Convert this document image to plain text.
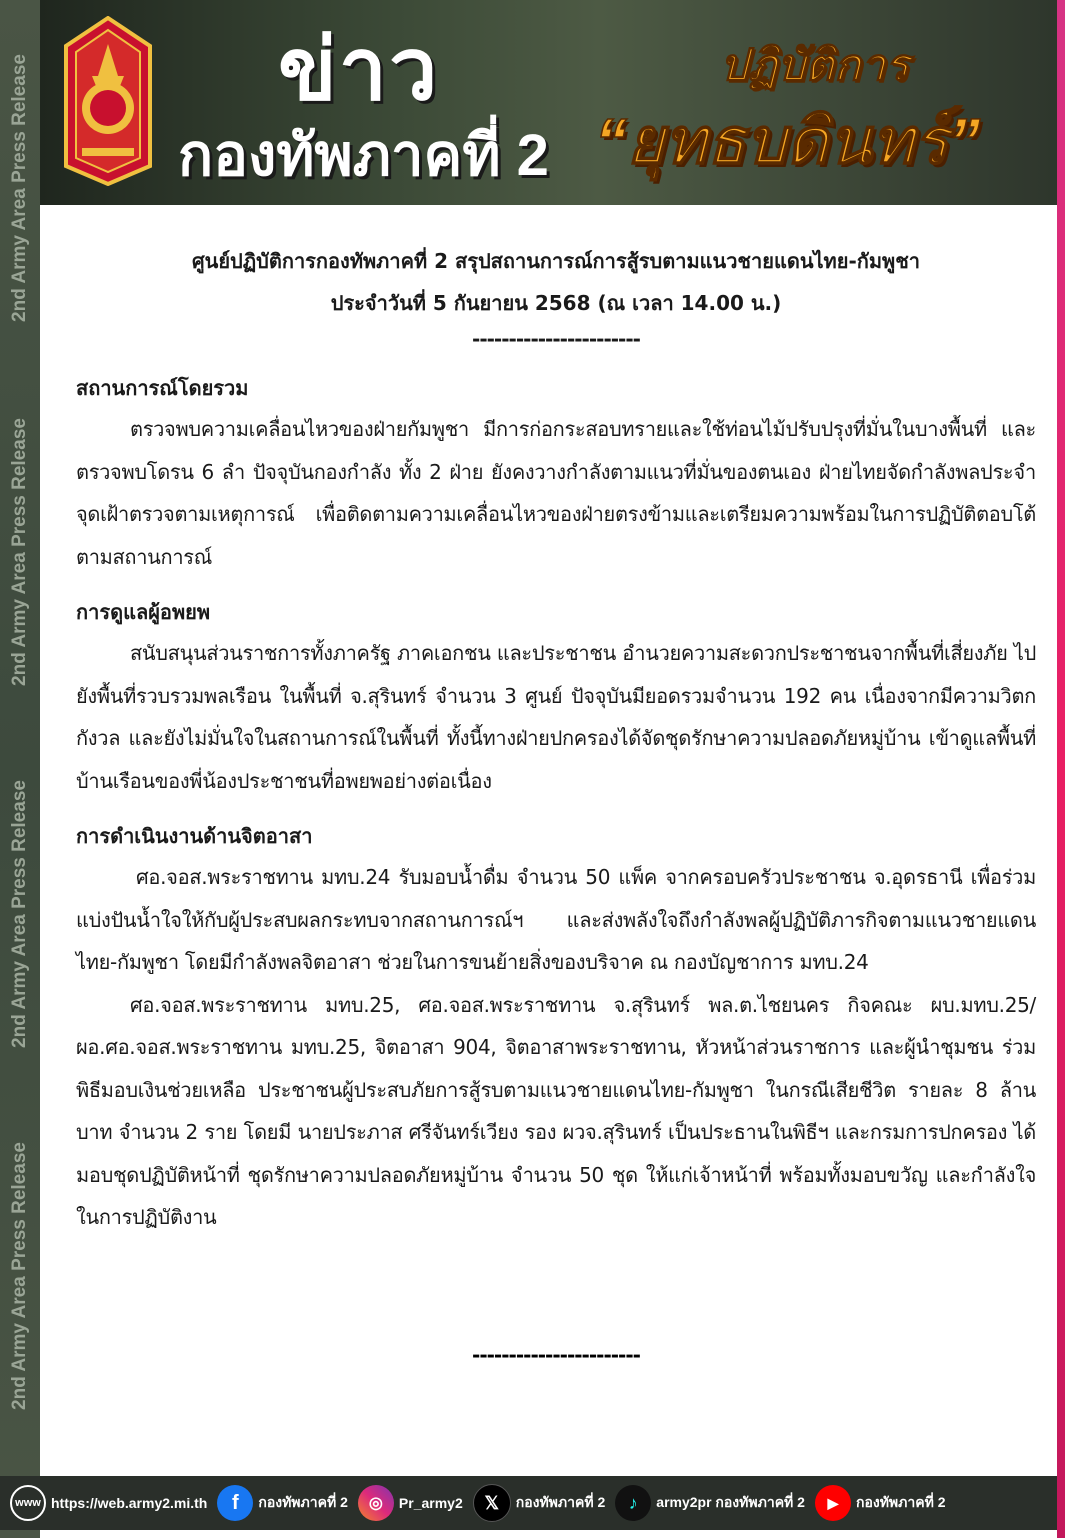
2nd Army Area Press Release
2nd Army Area Press Release
2nd Army Area Press Release
2nd Army Area Press Release
ข่าว
กองทัพภาคที่ 2
ปฏิบัติการ
“ยุทธบดินทร์”
ศูนย์ปฏิบัติการกองทัพภาคที่ 2 สรุปสถานการณ์การสู้รบตามแนวชายแดนไทย-กัมพูชา
ประจำวันที่ 5 กันยายน 2568 (ณ เวลา 14.00 น.)
-----------------------
สถานการณ์โดยรวม
ตรวจพบความเคลื่อนไหวของฝ่ายกัมพูชา มีการก่อกระสอบทรายและใช้ท่อนไม้ปรับปรุงที่มั่นในบางพื้นที่ และตรวจพบโดรน 6 ลำ ปัจจุบันกองกำลัง ทั้ง 2 ฝ่าย ยังคงวางกำลังตามแนวที่มั่นของตนเอง ฝ่ายไทยจัดกำลังพลประจำจุดเฝ้าตรวจตามเหตุการณ์ เพื่อติดตามความเคลื่อนไหวของฝ่ายตรงข้ามและเตรียมความพร้อมในการปฏิบัติตอบโต้ตามสถานการณ์
การดูแลผู้อพยพ
สนับสนุนส่วนราชการทั้งภาครัฐ ภาคเอกชน และประชาชน อำนวยความสะดวกประชาชนจากพื้นที่เสี่ยงภัย ไปยังพื้นที่รวบรวมพลเรือน ในพื้นที่ จ.สุรินทร์ จำนวน 3 ศูนย์ ปัจจุบันมียอดรวมจำนวน 192 คน เนื่องจากมีความวิตกกังวล และยังไม่มั่นใจในสถานการณ์ในพื้นที่ ทั้งนี้ทางฝ่ายปกครองได้จัดชุดรักษาความปลอดภัยหมู่บ้าน เข้าดูแลพื้นที่ บ้านเรือนของพี่น้องประชาชนที่อพยพอย่างต่อเนื่อง
การดำเนินงานด้านจิตอาสา
ศอ.จอส.พระราชทาน มทบ.24 รับมอบน้ำดื่ม จำนวน 50 แพ็ค จากครอบครัวประชาชน จ.อุดรธานี เพื่อร่วมแบ่งปันน้ำใจให้กับผู้ประสบผลกระทบจากสถานการณ์ฯ และส่งพลังใจถึงกำลังพลผู้ปฏิบัติภารกิจตามแนวชายแดนไทย-กัมพูชา โดยมีกำลังพลจิตอาสา ช่วยในการขนย้ายสิ่งของบริจาค ณ กองบัญชาการ มทบ.24
ศอ.จอส.พระราชทาน มทบ.25, ศอ.จอส.พระราชทาน จ.สุรินทร์ พล.ต.ไชยนคร กิจคณะ ผบ.มทบ.25/ผอ.ศอ.จอส.พระราชทาน มทบ.25, จิตอาสา 904, จิตอาสาพระราชทาน, หัวหน้าส่วนราชการ และผู้นำชุมชน ร่วมพิธีมอบเงินช่วยเหลือ ประชาชนผู้ประสบภัยการสู้รบตามแนวชายแดนไทย-กัมพูชา ในกรณีเสียชีวิต รายละ 8 ล้านบาท จำนวน 2 ราย โดยมี นายประภาส ศรีจันทร์เวียง รอง ผวจ.สุรินทร์ เป็นประธานในพิธีฯ และกรมการปกครอง ได้มอบชุดปฏิบัติหน้าที่ ชุดรักษาความปลอดภัยหมู่บ้าน จำนวน 50 ชุด ให้แก่เจ้าหน้าที่ พร้อมทั้งมอบขวัญ และกำลังใจในการปฏิบัติงาน
-----------------------
www https://web.army2.mi.th	f	กองทัพภาคที่ 2	◎	Pr_army2	𝕏	กองทัพภาคที่ 2	♪	army2pr กองทัพภาคที่ 2	▶	กองทัพภาคที่ 2
